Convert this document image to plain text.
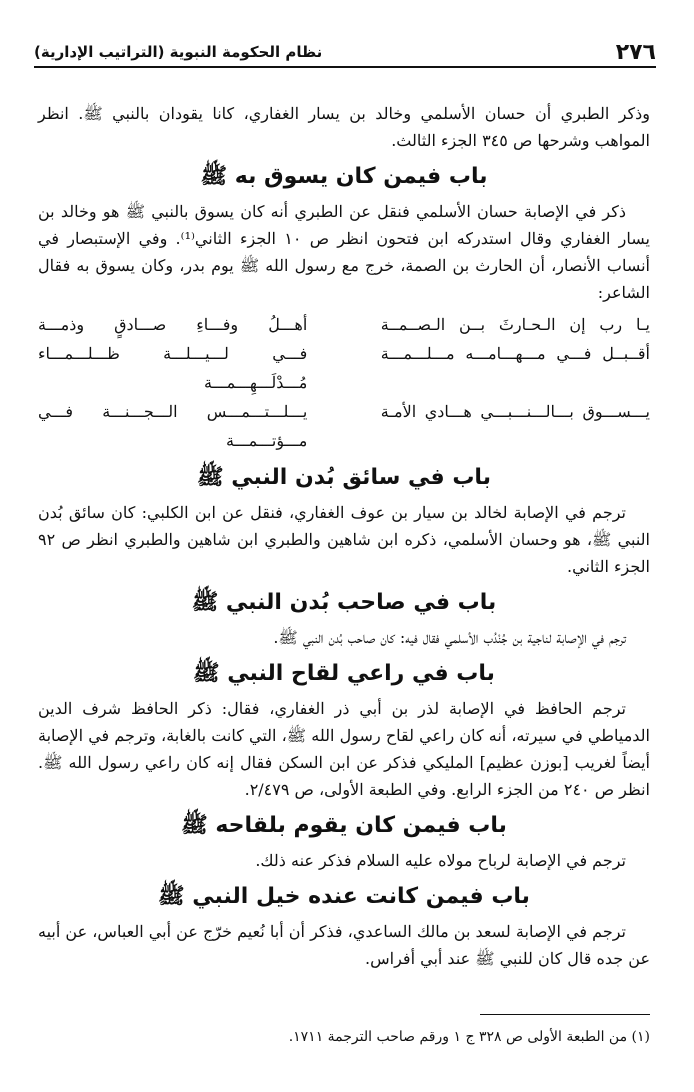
٢٧٦
نظام الحكومة النبوية (التراتيب الإدارية)

وذكر الطبري أن حسان الأسلمي وخالد بن يسار الغفاري، كانا يقودان بالنبي ﷺ. انظر المواهب وشرحها ص ٣٤٥ الجزء الثالث.

باب فيمن كان يسوق به ﷺ

ذكر في الإصابة حسان الأسلمي فنقل عن الطبري أنه كان يسوق بالنبي ﷺ هو وخالد بن يسار الغفاري وقال استدركه ابن فتحون انظر ص ١٠ الجزء الثاني⁽¹⁾. وفي الإستبصار في أنساب الأنصار، أن الحارث بن الصمة، خرج مع رسول الله ﷺ يوم بدر، وكان يسوق به فقال الشاعر:

يـا رب إن الـحـارثَ بــن الـصــمــة
أهـــلُ وفـــاءِ صـــادقٍ وذمـــة
أقــبــل فـــي مـــهـــامـــه مـــلـــمـــة
فـــي لـــيـــلـــة ظـــلـــمـــاء مُـــدْلَـــهِـــمـــة
يـــســـوق بـــالـــنـــبـــي هـــادي الأمـة
يـــلـــتـــمـــس الـــجـــنـــة فـــي مـــؤتـــمـــة
باب في سائق بُدن النبي ﷺ

ترجم في الإصابة لخالد بن سيار بن عوف الغفاري، فنقل عن ابن الكلبي: كان سائق بُدن النبي ﷺ، هو وحسان الأسلمي، ذكره ابن شاهين والطبري ابن شاهين والطبري انظر ص ٩٢ الجزء الثاني.

باب في صاحب بُدن النبي ﷺ

ترجم في الإصابة لناجية بن جُنْدُب الأسلمي فقال فيه: كان صاحب بُدن النبي ﷺ.

باب في راعي لقاح النبي ﷺ

ترجم الحافظ في الإصابة لذر بن أبي ذر الغفاري، فقال: ذكر الحافظ شرف الدين الدمياطي في سيرته، أنه كان راعي لقاح رسول الله ﷺ، التي كانت بالغابة، وترجم في الإصابة أيضاً لغريب [بوزن عظيم] المليكي فذكر عن ابن السكن فقال إنه كان راعي رسول الله ﷺ. انظر ص ٢٤٠ من الجزء الرابع. وفي الطبعة الأولى، ص ٢/٤٧٩.

باب فيمن كان يقوم بلقاحه ﷺ

ترجم في الإصابة لرباح مولاه عليه السلام فذكر عنه ذلك.

باب فيمن كانت عنده خيل النبي ﷺ

ترجم في الإصابة لسعد بن مالك الساعدي، فذكر أن أبا نُعيم خرّج عن أبي العباس، عن أبيه عن جده قال كان للنبي ﷺ عند أبي أفراس.

(١) من الطبعة الأولى ص ٣٢٨ ج ١ ورقم صاحب الترجمة ١٧١١.
